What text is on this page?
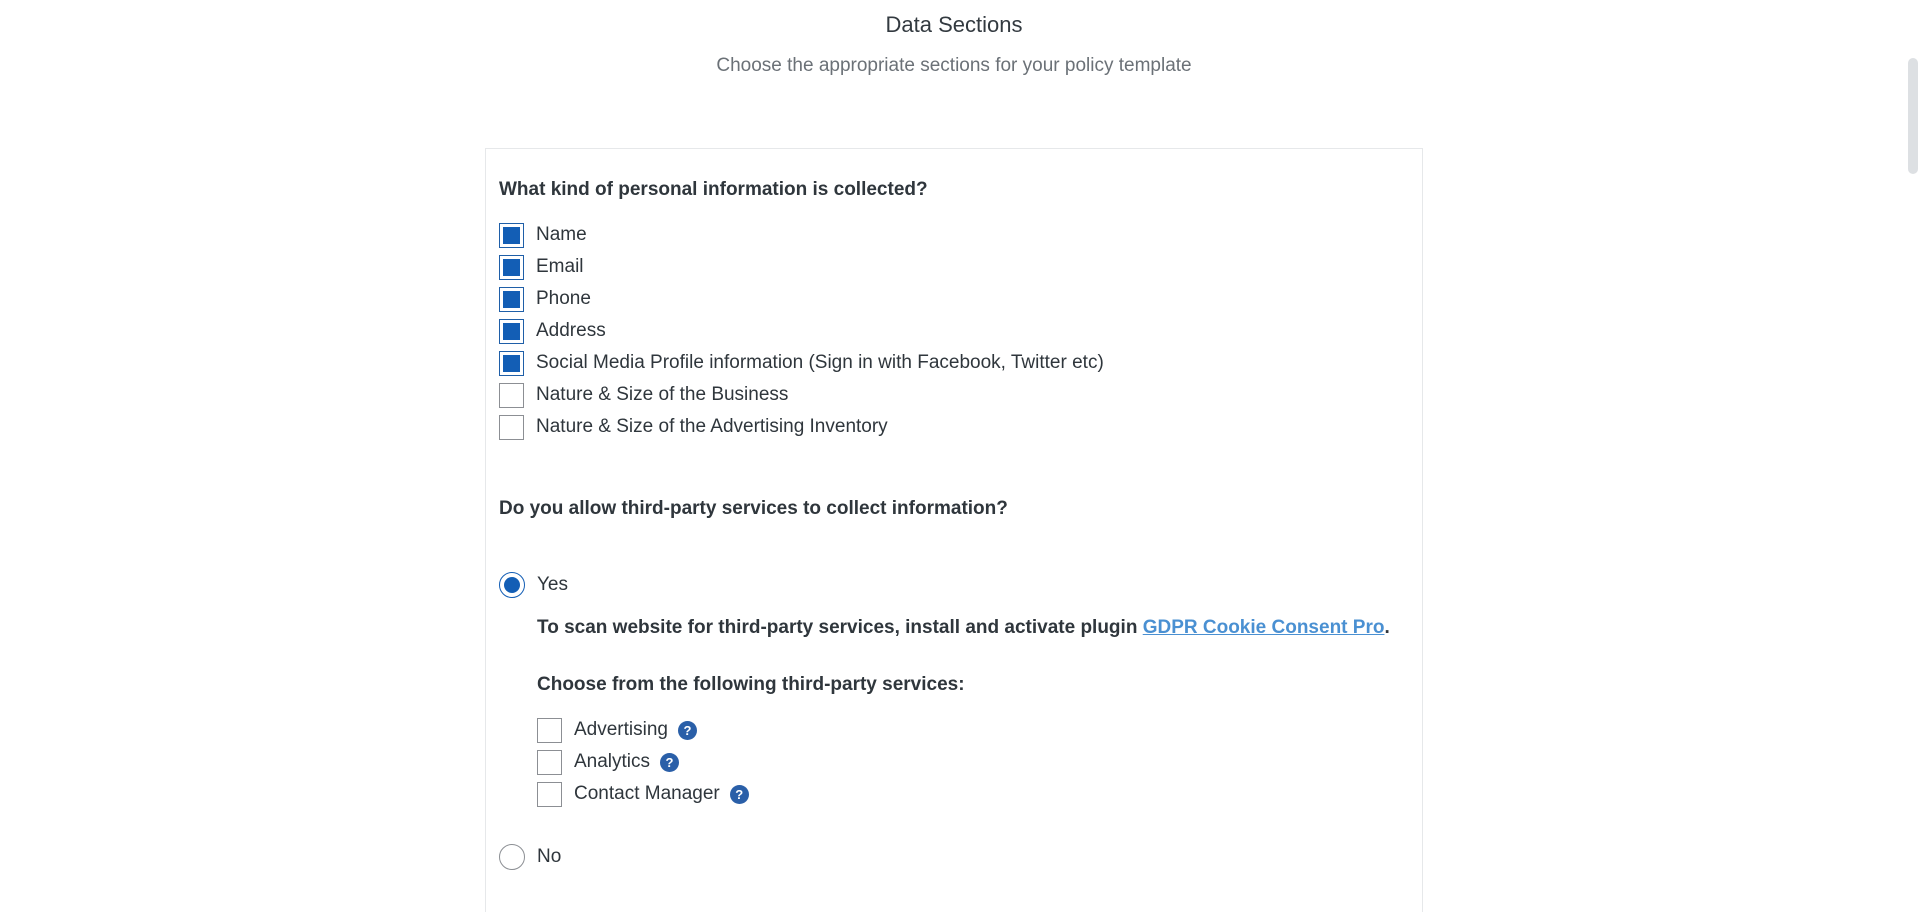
Data Sections
Choose the appropriate sections for your policy template
What kind of personal information is collected?
Name
Email
Phone
Address
Social Media Profile information (Sign in with Facebook, Twitter etc)
Nature & Size of the Business
Nature & Size of the Advertising Inventory
Do you allow third-party services to collect information?
Yes
To scan website for third-party services, install and activate plugin GDPR Cookie Consent Pro.
Choose from the following third-party services:
Advertising	?
Analytics	?
Contact Manager	?
No
